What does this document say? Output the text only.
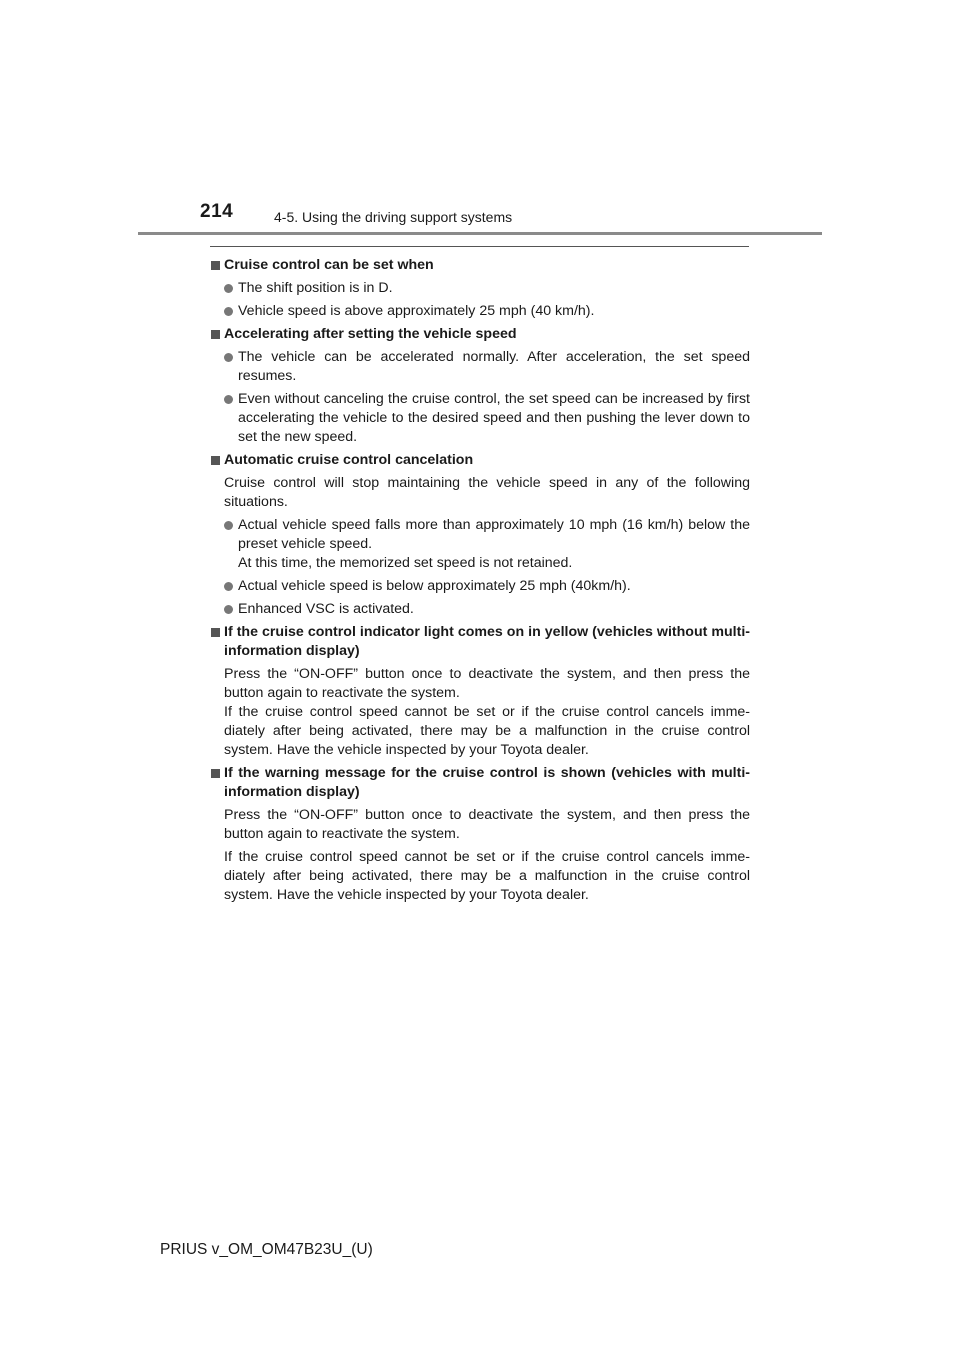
214	4-5. Using the driving support systems
Cruise control can be set when
The shift position is in D.
Vehicle speed is above approximately 25 mph (40 km/h).
Accelerating after setting the vehicle speed
The vehicle can be accelerated normally. After acceleration, the set speed resumes.
Even without canceling the cruise control, the set speed can be increased by first accelerating the vehicle to the desired speed and then pushing the lever down to set the new speed.
Automatic cruise control cancelation
Cruise control will stop maintaining the vehicle speed in any of the following situations.
Actual vehicle speed falls more than approximately 10 mph (16 km/h) below the preset vehicle speed.
At this time, the memorized set speed is not retained.
Actual vehicle speed is below approximately 25 mph (40km/h).
Enhanced VSC is activated.
If the cruise control indicator light comes on in yellow (vehicles without multi-information display)
Press the “ON-OFF” button once to deactivate the system, and then press the button again to reactivate the system.
If the cruise control speed cannot be set or if the cruise control cancels imme-diately after being activated, there may be a malfunction in the cruise control system. Have the vehicle inspected by your Toyota dealer.
If the warning message for the cruise control is shown (vehicles with multi-information display)
Press the “ON-OFF” button once to deactivate the system, and then press the button again to reactivate the system.
If the cruise control speed cannot be set or if the cruise control cancels imme-diately after being activated, there may be a malfunction in the cruise control system. Have the vehicle inspected by your Toyota dealer.
PRIUS v_OM_OM47B23U_(U)
